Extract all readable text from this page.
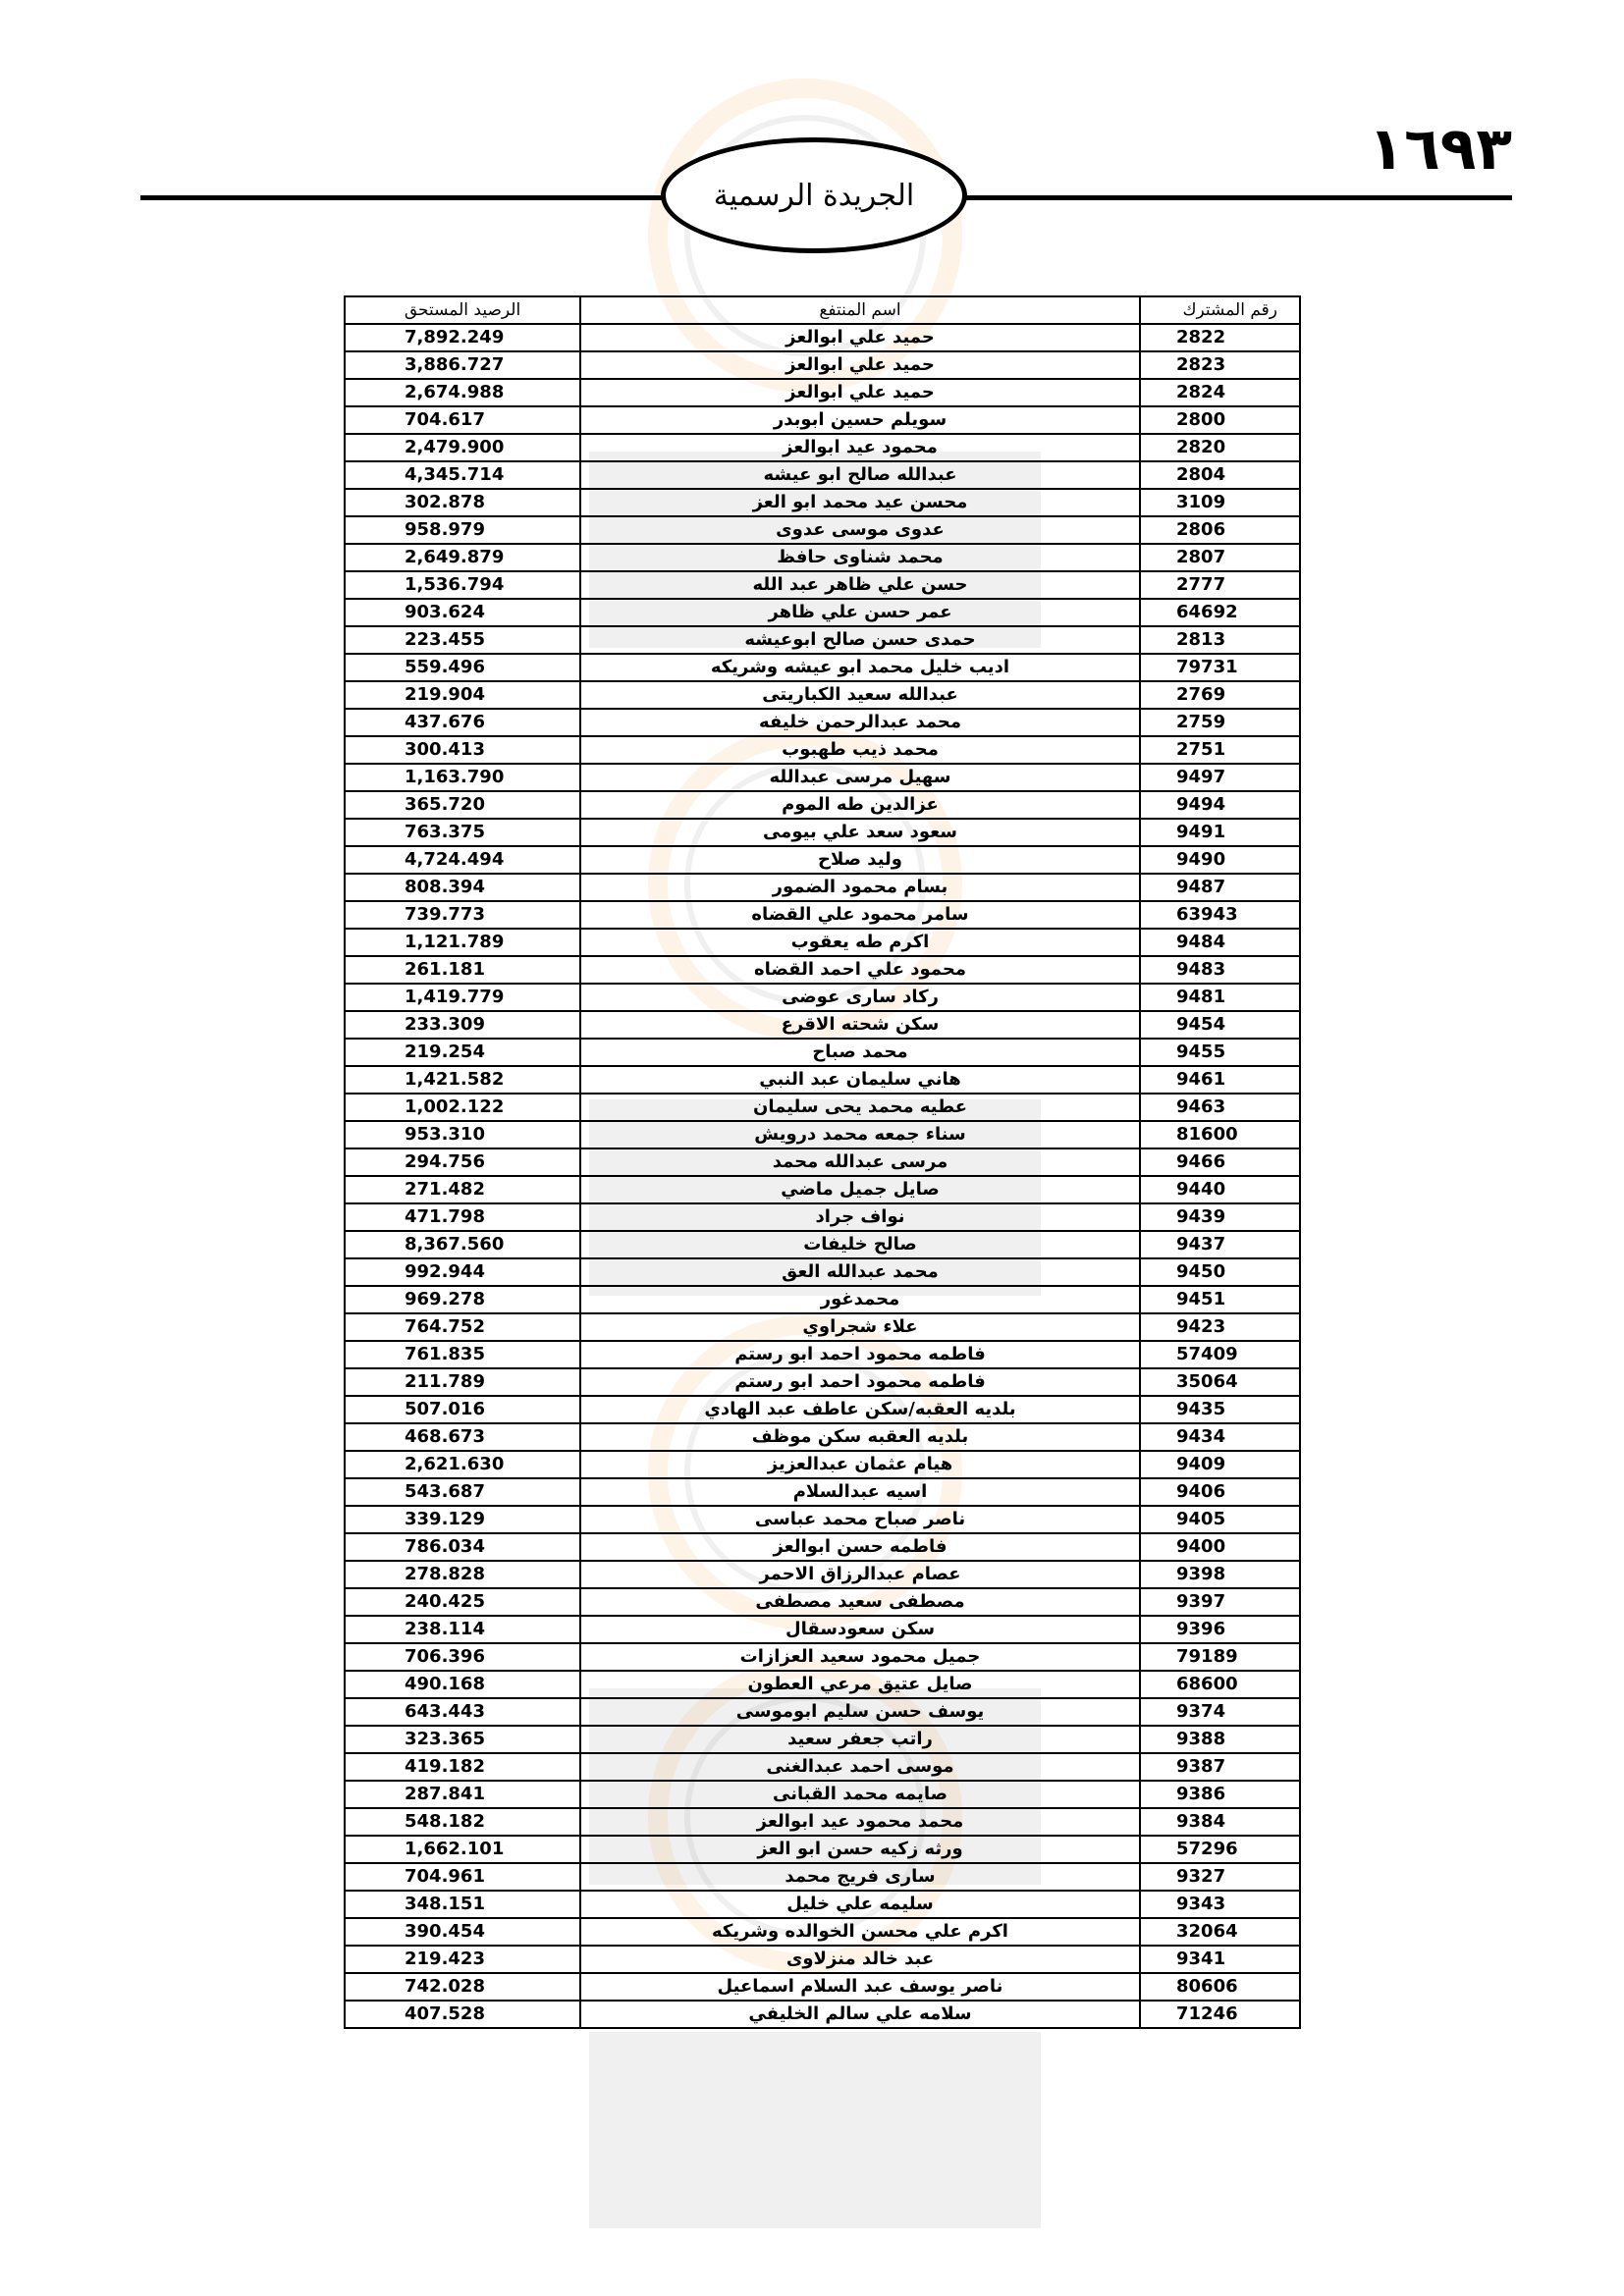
١٦٩٣
الجريدة الرسمية
رقم المشترك	اسم المنتفع	الرصيد المستحق
2822	حميد علي ابوالعز	7,892.249
2823	حميد علي ابوالعز	3,886.727
2824	حميد علي ابوالعز	2,674.988
2800	سويلم حسين ابوبدر	704.617
2820	محمود عيد ابوالعز	2,479.900
2804	عبدالله صالح ابو عيشه	4,345.714
3109	محسن عيد محمد ابو العز	302.878
2806	عدوى موسى عدوى	958.979
2807	محمد شناوى حافظ	2,649.879
2777	حسن علي ظاهر عبد الله	1,536.794
64692	عمر حسن علي ظاهر	903.624
2813	حمدى حسن صالح ابوعيشه	223.455
79731	اديب خليل محمد ابو عيشه وشريكه	559.496
2769	عبدالله سعيد الكباريتى	219.904
2759	محمد عبدالرحمن خليفه	437.676
2751	محمد ذيب طهبوب	300.413
9497	سهيل مرسى عبدالله	1,163.790
9494	عزالدين طه الموم	365.720
9491	سعود سعد علي بيومى	763.375
9490	وليد صلاح	4,724.494
9487	بسام محمود الضمور	808.394
63943	سامر محمود علي القضاه	739.773
9484	اكرم طه يعقوب	1,121.789
9483	محمود علي احمد القضاه	261.181
9481	ركاد سارى عوضى	1,419.779
9454	سكن شحته الاقرع	233.309
9455	محمد صباح	219.254
9461	هاني سليمان عبد النبي	1,421.582
9463	عطيه محمد يحى سليمان	1,002.122
81600	سناء جمعه محمد درويش	953.310
9466	مرسى عبدالله محمد	294.756
9440	صايل جميل ماضي	271.482
9439	نواف جراد	471.798
9437	صالح خليفات	8,367.560
9450	محمد عبدالله العق	992.944
9451	محمدغور	969.278
9423	علاء شجراوي	764.752
57409	فاطمه محمود احمد ابو رستم	761.835
35064	فاطمه محمود احمد ابو رستم	211.789
9435	بلديه العقبه/سكن عاطف عبد الهادي	507.016
9434	بلديه العقبه سكن موظف	468.673
9409	هيام عثمان عبدالعزيز	2,621.630
9406	اسيه عبدالسلام	543.687
9405	ناصر صباح محمد عباسى	339.129
9400	فاطمه حسن ابوالعز	786.034
9398	عصام عبدالرزاق الاحمر	278.828
9397	مصطفى سعيد مصطفى	240.425
9396	سكن سعودسقال	238.114
79189	جميل محمود سعيد العزازات	706.396
68600	صايل عتيق مرعي العطون	490.168
9374	يوسف حسن سليم ابوموسى	643.443
9388	راتب جعفر سعيد	323.365
9387	موسى احمد عبدالغنى	419.182
9386	صايمه محمد القبانى	287.841
9384	محمد محمود عيد ابوالعز	548.182
57296	ورثه زكيه حسن ابو العز	1,662.101
9327	سارى فريج محمد	704.961
9343	سليمه علي خليل	348.151
32064	اكرم علي محسن الخوالده وشريكه	390.454
9341	عبد خالد منزلاوى	219.423
80606	ناصر يوسف عبد السلام اسماعيل	742.028
71246	سلامه علي سالم الخليفي	407.528
